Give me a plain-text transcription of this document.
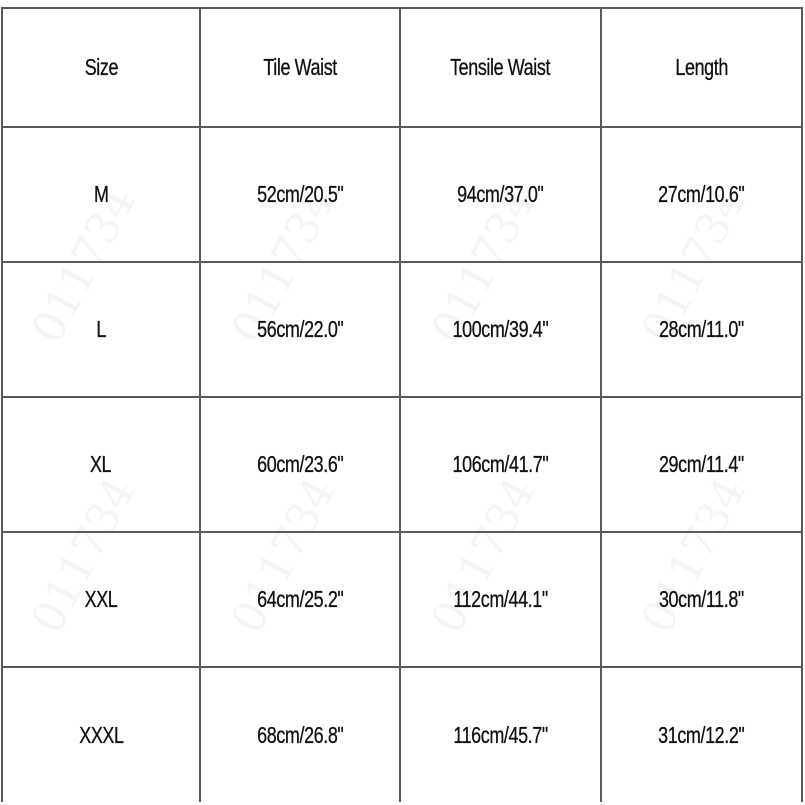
Size	Tile Waist	Tensile Waist	Length
M	52cm/20.5"	94cm/37.0"	27cm/10.6"
L	56cm/22.0"	100cm/39.4"	28cm/11.0"
XL	60cm/23.6"	106cm/41.7"	29cm/11.4"
XXL	64cm/25.2"	112cm/44.1"	30cm/11.8"
XXXL	68cm/26.8"	116cm/45.7"	31cm/12.2"
